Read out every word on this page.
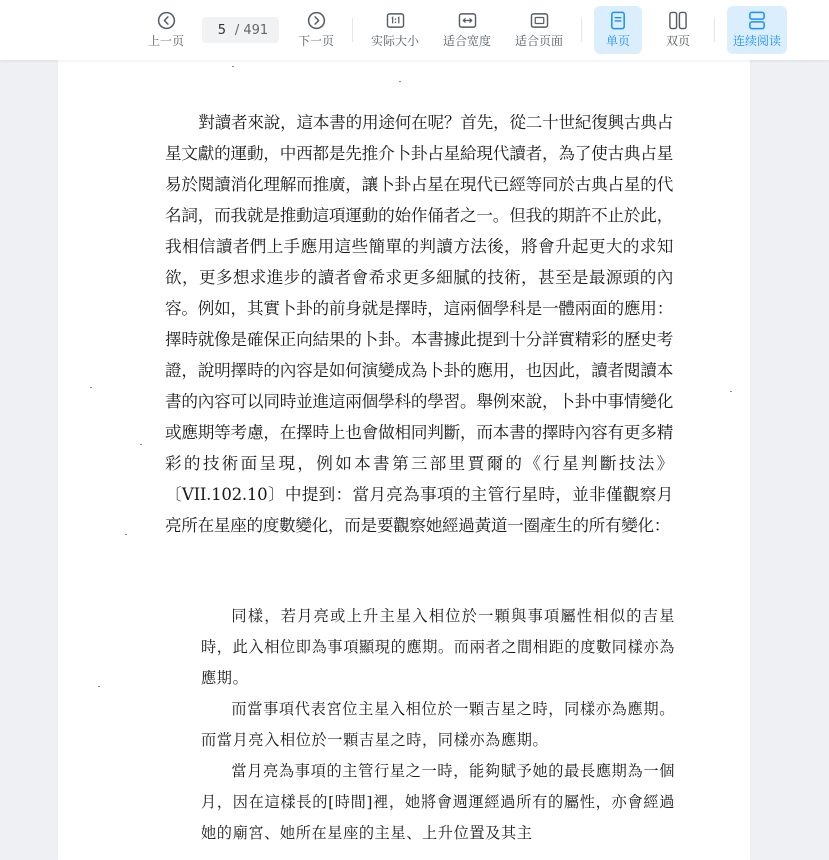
上一页
5
/ 491
下一页	实际大小 适合宽度 适合页面	单页	双页	连续阅读

對讀者來說，這本書的用途何在呢？首先，從二十世紀復興古典占星文獻的運動，中西都是先推介卜卦占星給現代讀者，為了使古典占星易於閱讀消化理解而推廣，讓卜卦占星在現代已經等同於古典占星的代名詞，而我就是推動這項運動的始作俑者之一。但我的期許不止於此，我相信讀者們上手應用這些簡單的判讀方法後，將會升起更大的求知欲，更多想求進步的讀者會希求更多細膩的技術，甚至是最源頭的內容。例如，其實卜卦的前身就是擇時，這兩個學科是一體兩面的應用：擇時就像是確保正向結果的卜卦。本書據此提到十分詳實精彩的歷史考證，說明擇時的內容是如何演變成為卜卦的應用，也因此，讀者閱讀本書的內容可以同時並進這兩個學科的學習。舉例來說，卜卦中事情變化或應期等考慮，在擇時上也會做相同判斷，而本書的擇時內容有更多精彩的技術面呈現，例如本書第三部里賈爾的《行星判斷技法》〔VII.102.10〕中提到：當月亮為事項的主管行星時，並非僅觀察月亮所在星座的度數變化，而是要觀察她經過黃道一圈產生的所有變化：

同樣，若月亮或上升主星入相位於一顆與事項屬性相似的吉星時，此入相位即為事項顯現的應期。而兩者之間相距的度數同樣亦為應期。

而當事項代表宮位主星入相位於一顆吉星之時，同樣亦為應期。而當月亮入相位於一顆吉星之時，同樣亦為應期。

當月亮為事項的主管行星之一時，能夠賦予她的最長應期為一個月，因在這樣長的[時間]裡，她將會週運經過所有的屬性，亦會經過她的廟宮、她所在星座的主星、上升位置及其主
